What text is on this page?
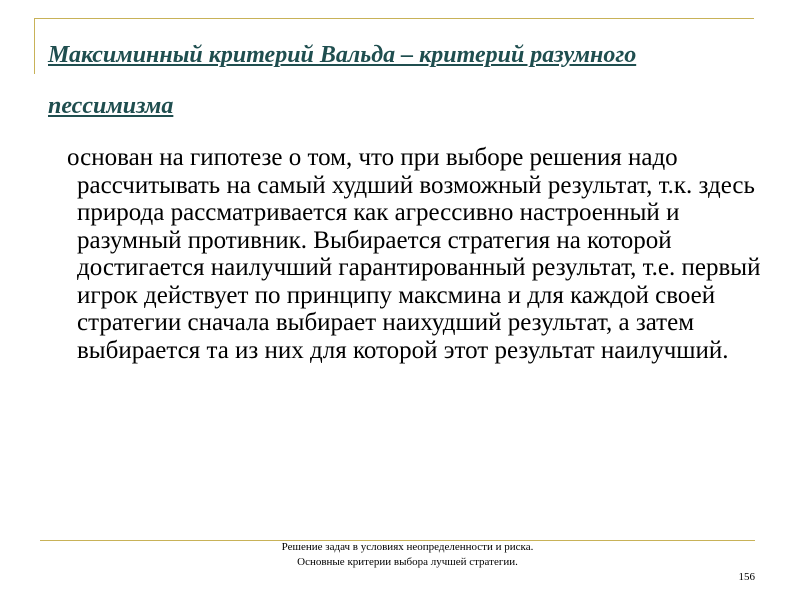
Максиминный критерий Вальда – критерий разумного пессимизма

основан на гипотезе о том, что при выборе решения надо рассчитывать на самый худший возможный результат, т.к. здесь природа рассматривается как агрессивно настроенный и разумный противник. Выбирается стратегия на которой достигается наилучший гарантированный результат, т.е. первый игрок действует по принципу максмина и для каждой своей стратегии сначала выбирает наихудший результат, а затем выбирается та из них для которой этот результат наилучший.

Решение задач в условиях неопределенности и риска. Основные критерии выбора лучшей стратегии.

156
